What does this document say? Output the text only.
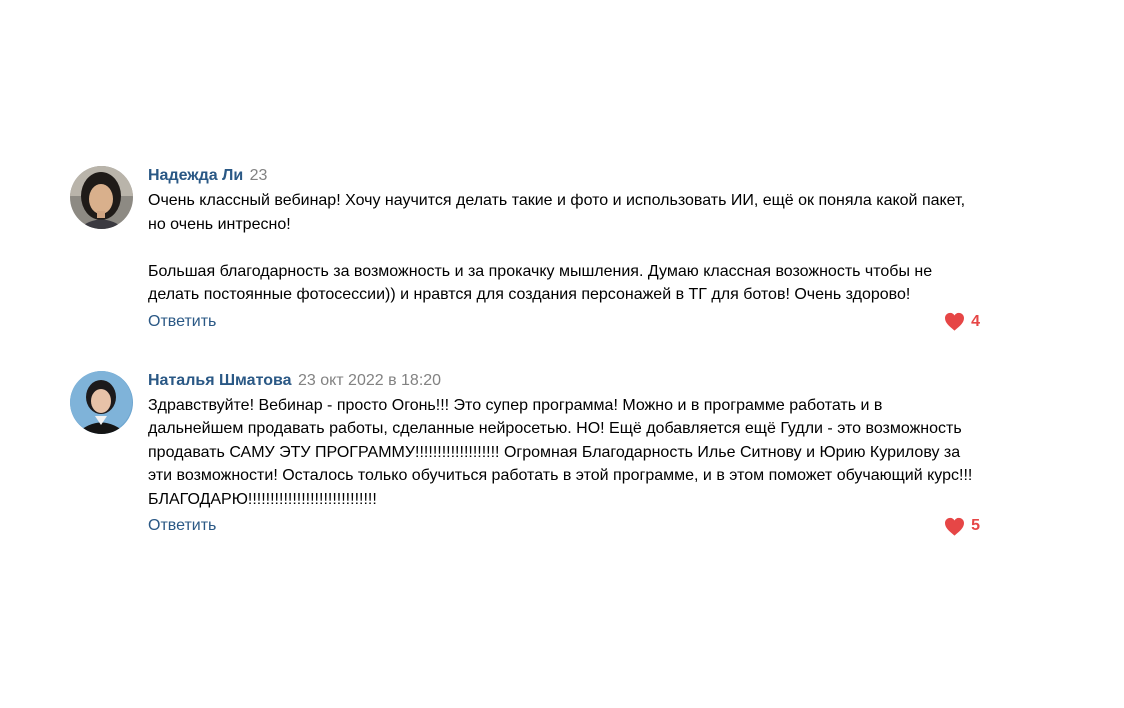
Надежда Ли 23

Очень классный вебинар! Хочу научится делать такие и фото и использовать ИИ, ещё ок поняла какой пакет, но очень интресно!

Большая благодарность за возможность и за прокачку мышления. Думаю классная возожность чтобы не делать постоянные фотосессии)) и нравтся для создания персонажей в ТГ для ботов! Очень здорово!

Ответить	4
Наталья Шматова 23 окт 2022 в 18:20

Здравствуйте! Вебинар - просто Огонь!!! Это супер программа! Можно и в программе работать и в дальнейшем продавать работы, сделанные нейросетью. НО! Ещё добавляется ещё Гудли - это возможность продавать САМУ ЭТУ ПРОГРАММУ!!!!!!!!!!!!!!!!!!! Огромная Благодарность Илье Ситнову и Юрию Курилову за эти возможности! Осталось только обучиться работать в этой программе, и в этом поможет обучающий курс!!! БЛАГОДАРЮ!!!!!!!!!!!!!!!!!!!!!!!!!!!!!

Ответить	5
